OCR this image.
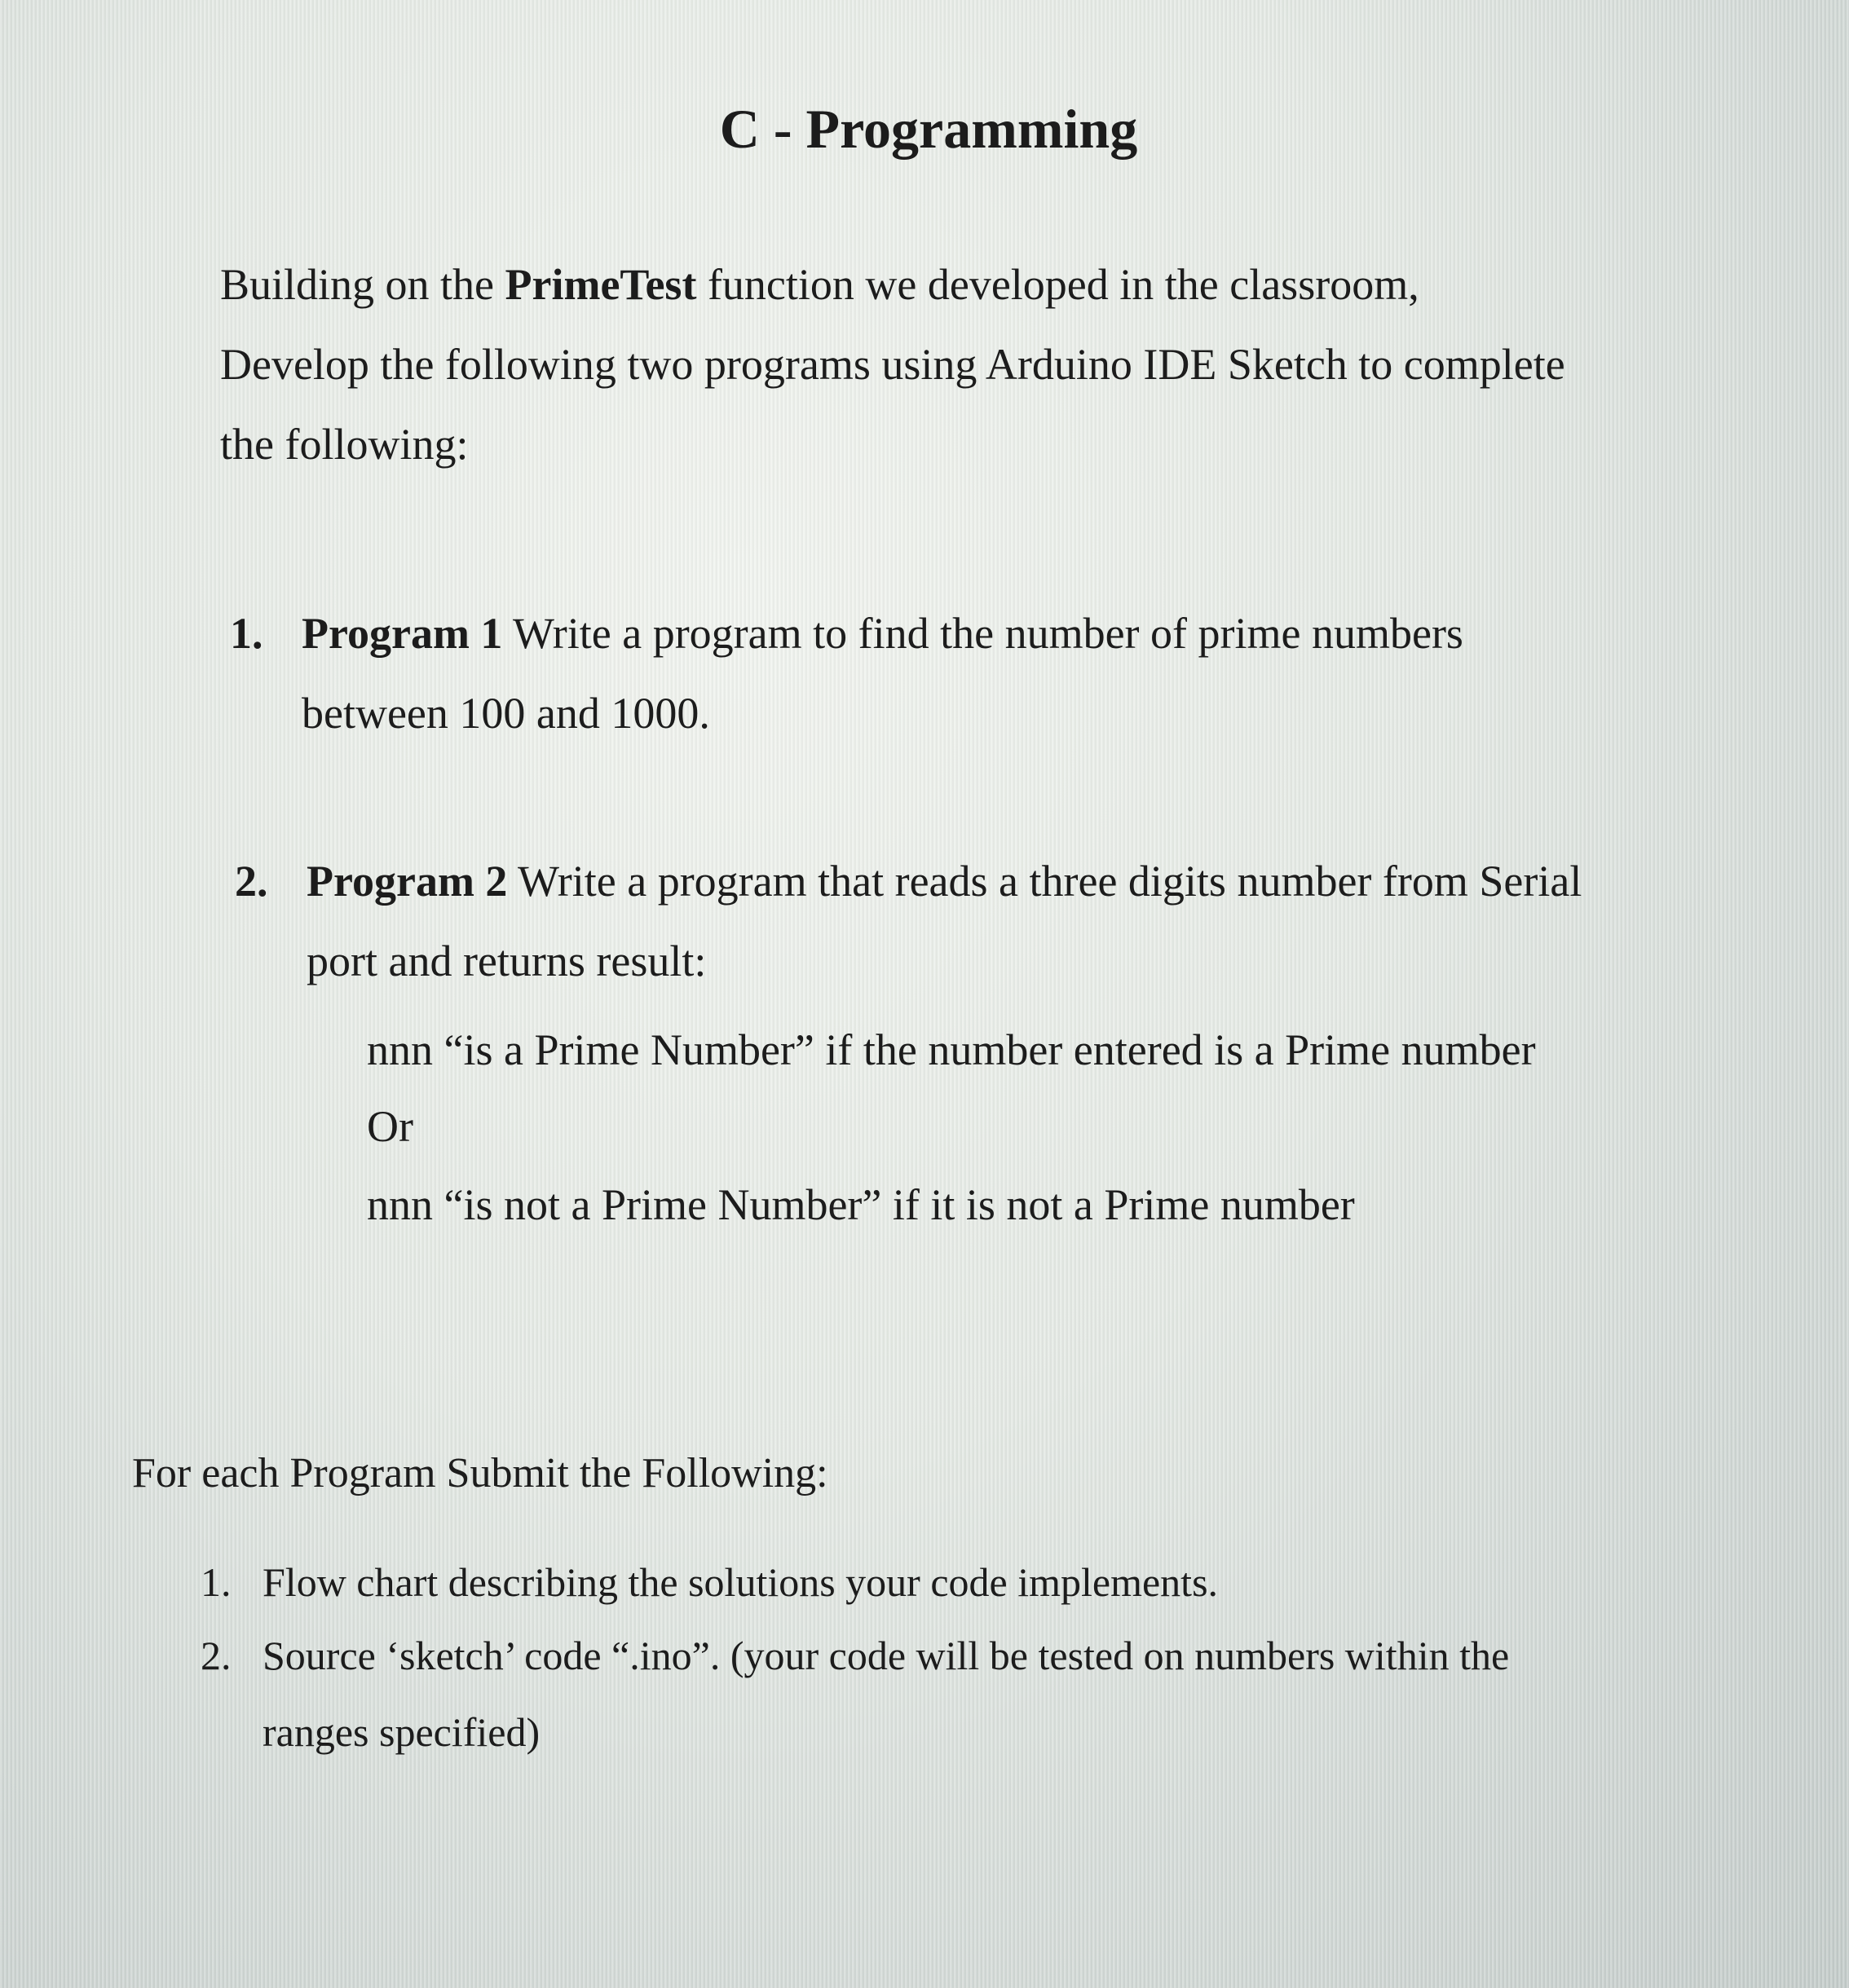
C - Programming
Building on the PrimeTest function we developed in the classroom,
Develop the following two programs using Arduino IDE Sketch to complete
the following:
1. Program 1 Write a program to find the number of prime numbers
between 100 and 1000.
2. Program 2 Write a program that reads a three digits number from Serial
port and returns result:
nnn “is a Prime Number” if the number entered is a Prime number
Or
nnn “is not a Prime Number” if it is not a Prime number
For each Program Submit the Following:
1. Flow chart describing the solutions your code implements.
2. Source ‘sketch’ code “.ino”. (your code will be tested on numbers within the
ranges specified)
